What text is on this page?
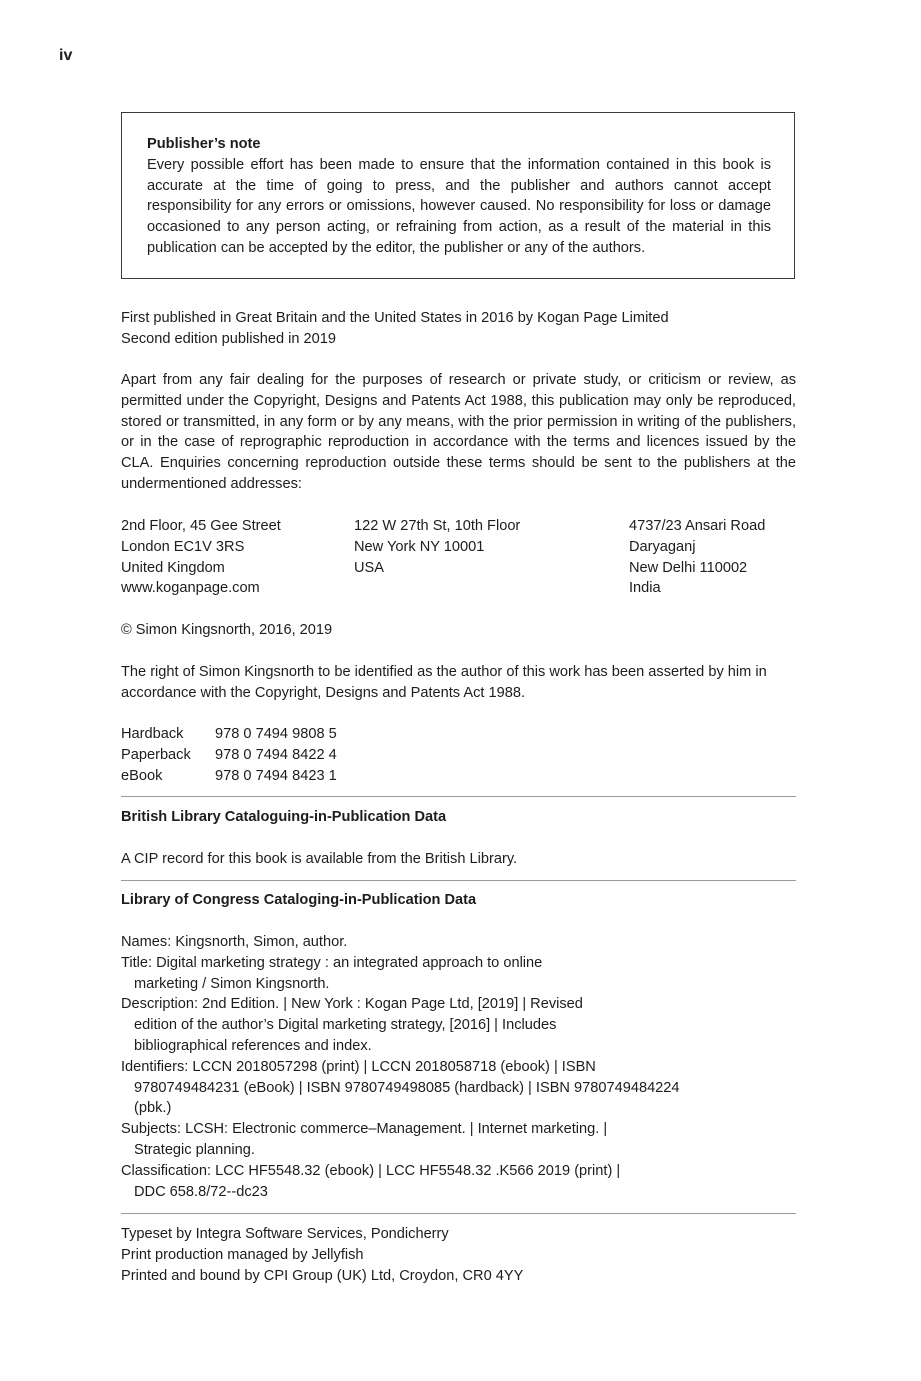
iv
Publisher’s note
Every possible effort has been made to ensure that the information contained in this book is accurate at the time of going to press, and the publisher and authors cannot accept responsibility for any errors or omissions, however caused. No responsibility for loss or damage occasioned to any person acting, or refraining from action, as a result of the material in this publication can be accepted by the editor, the publisher or any of the authors.
First published in Great Britain and the United States in 2016 by Kogan Page Limited
Second edition published in 2019
Apart from any fair dealing for the purposes of research or private study, or criticism or review, as permitted under the Copyright, Designs and Patents Act 1988, this publication may only be reproduced, stored or transmitted, in any form or by any means, with the prior permission in writing of the publishers, or in the case of reprographic reproduction in accordance with the terms and licences issued by the CLA. Enquiries concerning reproduction outside these terms should be sent to the publishers at the undermentioned addresses:
2nd Floor, 45 Gee Street
London EC1V 3RS
United Kingdom
www.koganpage.com
122 W 27th St, 10th Floor
New York NY 10001
USA
4737/23 Ansari Road
Daryaganj
New Delhi 110002
India
© Simon Kingsnorth, 2016, 2019
The right of Simon Kingsnorth to be identified as the author of this work has been asserted by him in accordance with the Copyright, Designs and Patents Act 1988.
Hardback	978 0 7494 9808 5
Paperback	978 0 7494 8422 4
eBook	978 0 7494 8423 1
British Library Cataloguing-in-Publication Data
A CIP record for this book is available from the British Library.
Library of Congress Cataloging-in-Publication Data
Names: Kingsnorth, Simon, author.
Title: Digital marketing strategy : an integrated approach to online
marketing / Simon Kingsnorth.
Description: 2nd Edition. | New York : Kogan Page Ltd, [2019] | Revised
edition of the author’s Digital marketing strategy, [2016] | Includes
bibliographical references and index.
Identifiers: LCCN 2018057298 (print) | LCCN 2018058718 (ebook) | ISBN
9780749484231 (eBook) | ISBN 9780749498085 (hardback) | ISBN 9780749484224
(pbk.)
Subjects: LCSH: Electronic commerce–Management. | Internet marketing. |
Strategic planning.
Classification: LCC HF5548.32 (ebook) | LCC HF5548.32 .K566 2019 (print) |
DDC 658.8/72--dc23
Typeset by Integra Software Services, Pondicherry
Print production managed by Jellyfish
Printed and bound by CPI Group (UK) Ltd, Croydon, CR0 4YY
